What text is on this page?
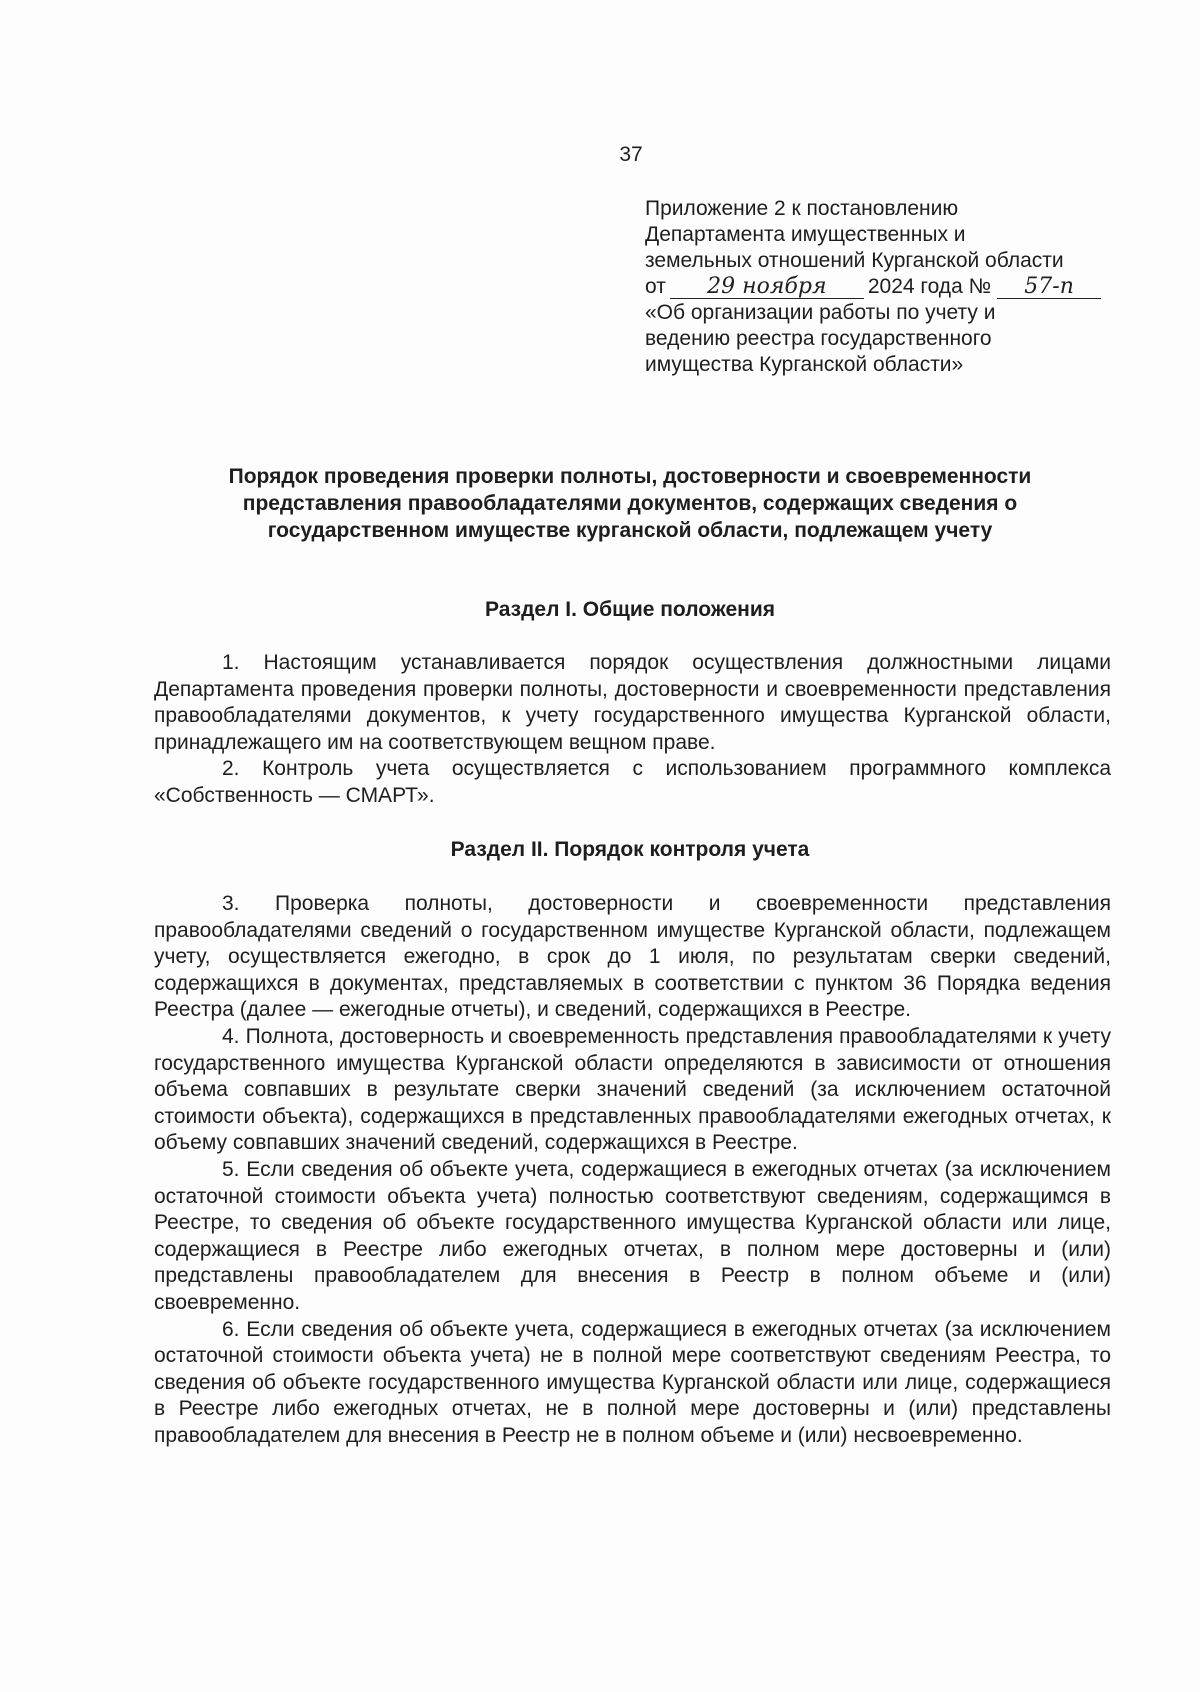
37
Приложение 2 к постановлению
Департамента имущественных и
земельных отношений Курганской области
от 29 ноября 2024 года № 57-п
«Об организации работы по учету и
ведению реестра государственного
имущества Курганской области»
Порядок проведения проверки полноты, достоверности и своевременности представления правообладателями документов, содержащих сведения о государственном имуществе курганской области, подлежащем учету
Раздел I. Общие положения

1. Настоящим устанавливается порядок осуществления должностными лицами Департамента проведения проверки полноты, достоверности и своевременности представления правообладателями документов, к учету государственного имущества Курганской области, принадлежащего им на соответствующем вещном праве.

2. Контроль учета осуществляется с использованием программного комплекса «Собственность — СМАРТ».

Раздел II. Порядок контроля учета

3. Проверка полноты, достоверности и своевременности представления правообладателями сведений о государственном имуществе Курганской области, подлежащем учету, осуществляется ежегодно, в срок до 1 июля, по результатам сверки сведений, содержащихся в документах, представляемых в соответствии с пунктом 36 Порядка ведения Реестра (далее — ежегодные отчеты), и сведений, содержащихся в Реестре.

4. Полнота, достоверность и своевременность представления правообладателями к учету государственного имущества Курганской области определяются в зависимости от отношения объема совпавших в результате сверки значений сведений (за исключением остаточной стоимости объекта), содержащихся в представленных правообладателями ежегодных отчетах, к объему совпавших значений сведений, содержащихся в Реестре.

5. Если сведения об объекте учета, содержащиеся в ежегодных отчетах (за исключением остаточной стоимости объекта учета) полностью соответствуют сведениям, содержащимся в Реестре, то сведения об объекте государственного имущества Курганской области или лице, содержащиеся в Реестре либо ежегодных отчетах, в полном мере достоверны и (или) представлены правообладателем для внесения в Реестр в полном объеме и (или) своевременно.

6. Если сведения об объекте учета, содержащиеся в ежегодных отчетах (за исключением остаточной стоимости объекта учета) не в полной мере соответствуют сведениям Реестра, то сведения об объекте государственного имущества Курганской области или лице, содержащиеся в Реестре либо ежегодных отчетах, не в полной мере достоверны и (или) представлены правообладателем для внесения в Реестр не в полном объеме и (или) несвоевременно.
